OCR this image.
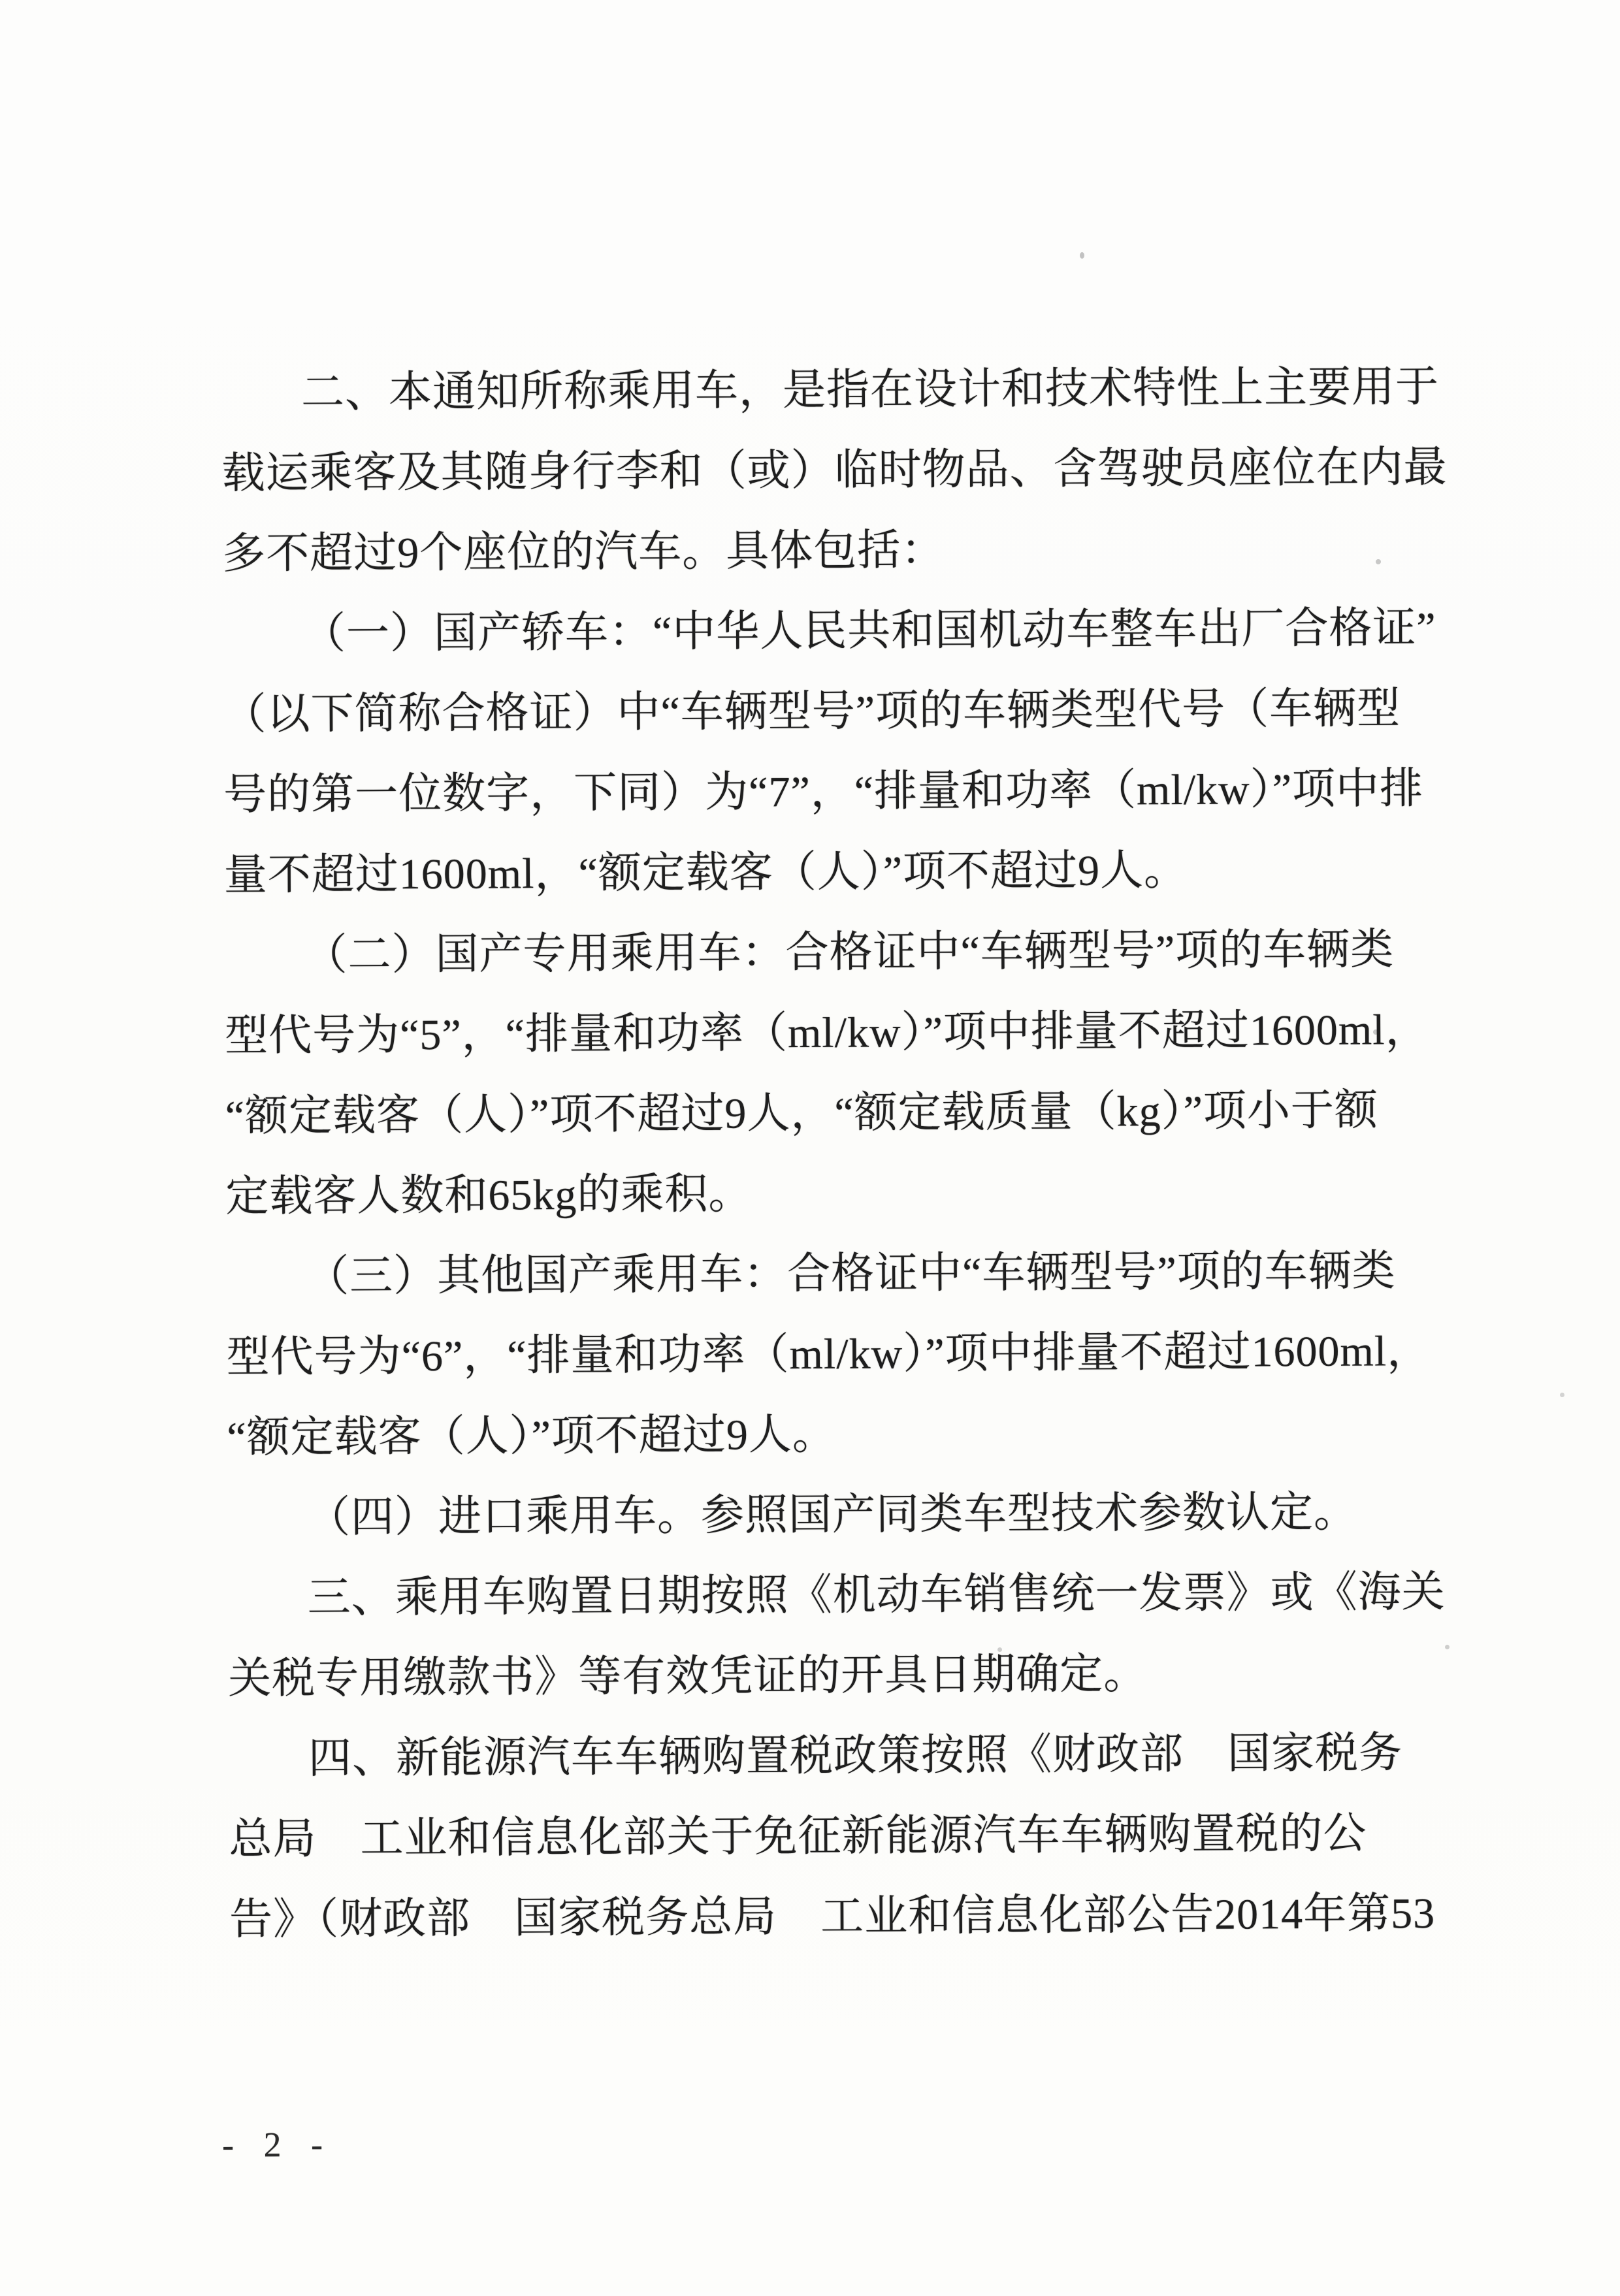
二、本通知所称乘用车，是指在设计和技术特性上主要用于
载运乘客及其随身行李和（或）临时物品、含驾驶员座位在内最
多不超过9个座位的汽车。具体包括：
（一）国产轿车：“中华人民共和国机动车整车出厂合格证”
（以下简称合格证）中“车辆型号”项的车辆类型代号（车辆型
号的第一位数字，下同）为“7”，“排量和功率（ml/kw）”项中排
量不超过1600ml，“额定载客（人）”项不超过9人。
（二）国产专用乘用车：合格证中“车辆型号”项的车辆类
型代号为“5”，“排量和功率（ml/kw）”项中排量不超过1600ml，
“额定载客（人）”项不超过9人，“额定载质量（kg）”项小于额
定载客人数和65kg的乘积。
（三）其他国产乘用车：合格证中“车辆型号”项的车辆类
型代号为“6”，“排量和功率（ml/kw）”项中排量不超过1600ml，
“额定载客（人）”项不超过9人。
（四）进口乘用车。参照国产同类车型技术参数认定。
三、乘用车购置日期按照《机动车销售统一发票》或《海关
关税专用缴款书》等有效凭证的开具日期确定。
四、新能源汽车车辆购置税政策按照《财政部　国家税务
总局　工业和信息化部关于免征新能源汽车车辆购置税的公
告》（财政部　国家税务总局　工业和信息化部公告2014年第53
- 2 -
